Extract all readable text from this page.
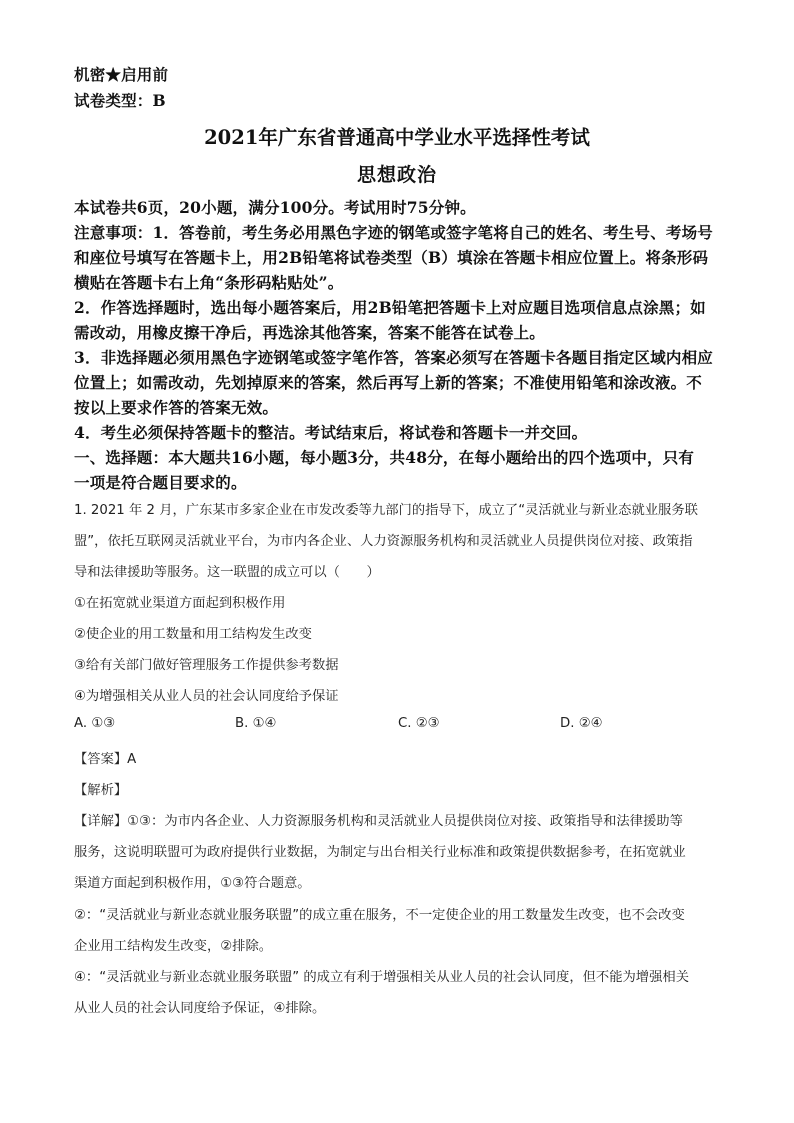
机密★启用前
试卷类型：B
2021年广东省普通高中学业水平选择性考试
思想政治
本试卷共6页，20小题，满分100分。考试用时75分钟。
注意事项：1．答卷前，考生务必用黑色字迹的钢笔或签字笔将自己的姓名、考生号、考场号
和座位号填写在答题卡上，用2B铅笔将试卷类型（B）填涂在答题卡相应位置上。将条形码
横贴在答题卡右上角“条形码粘贴处”。
2．作答选择题时，选出每小题答案后，用2B铅笔把答题卡上对应题目选项信息点涂黑；如
需改动，用橡皮擦干净后，再选涂其他答案，答案不能答在试卷上。
3．非选择题必须用黑色字迹钢笔或签字笔作答，答案必须写在答题卡各题目指定区域内相应
位置上；如需改动，先划掉原来的答案，然后再写上新的答案；不准使用铅笔和涂改液。不
按以上要求作答的答案无效。
4．考生必须保持答题卡的整洁。考试结束后，将试卷和答题卡一并交回。
一、选择题：本大题共16小题，每小题3分，共48分，在每小题给出的四个选项中，只有
一项是符合题目要求的。
1. 2021 年 2 月，广东某市多家企业在市发改委等九部门的指导下，成立了“灵活就业与新业态就业服务联
盟”，依托互联网灵活就业平台，为市内各企业、人力资源服务机构和灵活就业人员提供岗位对接、政策指
导和法律援助等服务。这一联盟的成立可以（　　）
①在拓宽就业渠道方面起到积极作用
②使企业的用工数量和用工结构发生改变
③给有关部门做好管理服务工作提供参考数据
④为增强相关从业人员的社会认同度给予保证
A. ①③	B. ①④	C. ②③	D. ②④
【答案】A
【解析】
【详解】①③：为市内各企业、人力资源服务机构和灵活就业人员提供岗位对接、政策指导和法律援助等
服务，这说明联盟可为政府提供行业数据，为制定与出台相关行业标准和政策提供数据参考，在拓宽就业
渠道方面起到积极作用，①③符合题意。
②：“灵活就业与新业态就业服务联盟”的成立重在服务，不一定使企业的用工数量发生改变，也不会改变
企业用工结构发生改变，②排除。
④：“灵活就业与新业态就业服务联盟” 的成立有利于增强相关从业人员的社会认同度，但不能为增强相关
从业人员的社会认同度给予保证，④排除。
